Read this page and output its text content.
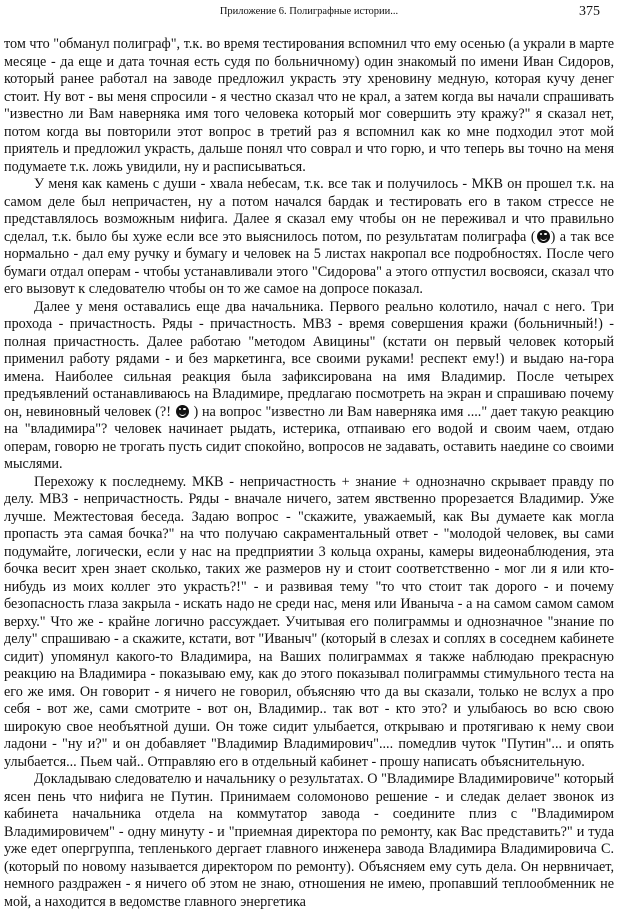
Приложение 6. Полиграфные истории...	375

том что "обманул полиграф", т.к. во время тестирования вспомнил что ему осенью (а украли в марте месяце - да еще и дата точная есть судя по больничному) один знакомый по имени Иван Сидоров, который ранее работал на заводе предложил украсть эту хреновину медную, которая кучу денег стоит. Ну вот - вы меня спросили - я честно сказал что не крал, а затем когда вы начали спрашивать "известно ли Вам наверняка имя того человека который мог совершить эту кражу?" я сказал нет, потом когда вы повторили этот вопрос в третий раз я вспомнил как ко мне подходил этот мой приятель и предложил украсть, дальше понял что соврал и что горю, и что теперь вы точно на меня подумаете т.к. ложь увидили, ну и расписываться.

У меня как камень с души - хвала небесам, т.к. все так и получилось - МКВ он прошел т.к. на самом деле был непричастен, ну а потом начался бардак и тестировать его в таком стрессе не представлялось возможным нифига. Далее я сказал ему чтобы он не переживал и что правильно сделал, т.к. было бы хуже если все это выяснилось потом, по результатам полиграфа ( ) а так все нормально - дал ему ручку и бумагу и человек на 5 листах накропал все подробностях. После чего бумаги отдал операм - чтобы устанавливали этого "Сидорова" а этого отпустил восвояси, сказал что его вызовут к следователю чтобы он то же самое на допросе показал.

Далее у меня оставались еще два начальника. Первого реально колотило, начал с него. Три прохода - причастность. Ряды - причастность. МВЗ - время совершения кражи (больничный!) - полная причастность. Далее работаю "методом Авицины" (кстати он первый человек который применил работу рядами - и без маркетинга, все своими руками! респект ему!) и выдаю на-гора имена. Наиболее сильная реакция была зафиксирована на имя Владимир. После четырех предъявлений останавливаюсь на Владимире, предлагаю посмотреть на экран и спрашиваю почему он, невиновный человек (?! ) на вопрос "известно ли Вам наверняка имя ...." дает такую реакцию на "владимира"? человек начинает рыдать, истерика, отпаиваю его водой и своим чаем, отдаю операм, говорю не трогать пусть сидит спокойно, вопросов не задавать, оставить наедине со своими мыслями.

Перехожу к последнему. МКВ - непричастность + знание + однозначно скрывает правду по делу. МВЗ - непричастность. Ряды - вначале ничего, затем явственно прорезается Владимир. Уже лучше. Межтестовая беседа. Задаю вопрос - "скажите, уважаемый, как Вы думаете как могла пропасть эта самая бочка?" на что получаю сакраментальный ответ - "молодой человек, вы сами подумайте, логически, если у нас на предприятии 3 кольца охраны, камеры видеонаблюдения, эта бочка весит хрен знает сколько, таких же размеров ну и стоит соответственно - мог ли я или кто-нибудь из моих коллег это украсть?!" - и развивая тему "то что стоит так дорого - и почему безопасность глаза закрыла - искать надо не среди нас, меня или Иваныча - а на самом самом самом верху." Что же - крайне логично рассуждает. Учитывая его полиграммы и однозначное "знание по делу" спрашиваю - а скажите, кстати, вот "Иваныч" (который в слезах и соплях в соседнем кабинете сидит) упомянул какого-то Владимира, на Ваших полиграммах я также наблюдаю прекрасную реакцию на Владимира - показываю ему, как до этого показывал полиграммы стимульного теста на его же имя. Он говорит - я ничего не говорил, объясняю что да вы сказали, только не вслух а про себя - вот же, сами смотрите - вот он, Владимир.. так вот - кто это? и улыбаюсь во всю свою широкую свое необъятной души. Он тоже сидит улыбается, открываю и протягиваю к нему свои ладони - "ну и?" и он добавляет "Владимир Владимирович".... помедлив чуток "Путин"... и опять улыбается... Пьем чай.. Отправляю его в отдельный кабинет - прошу написать объяснительную.

Докладываю следователю и начальнику о результатах. О "Владимире Владимировиче" который ясен пень что нифига не Путин. Принимаем соломоново решение - и следак делает звонок из кабинета начальника отдела на коммутатор завода - соедините плиз с "Владимиром Владимировичем" - одну минуту - и "приемная директора по ремонту, как Вас представить?" и туда уже едет опергруппа, тепленького дергает главного инженера завода Владимира Владимировича С. (который по новому называется директором по ремонту). Объясняем ему суть дела. Он нервничает, немного раздражен - я ничего об этом не знаю, отношения не имею, пропавший теплообменник не мой, а находится в ведомстве главного энергетика
